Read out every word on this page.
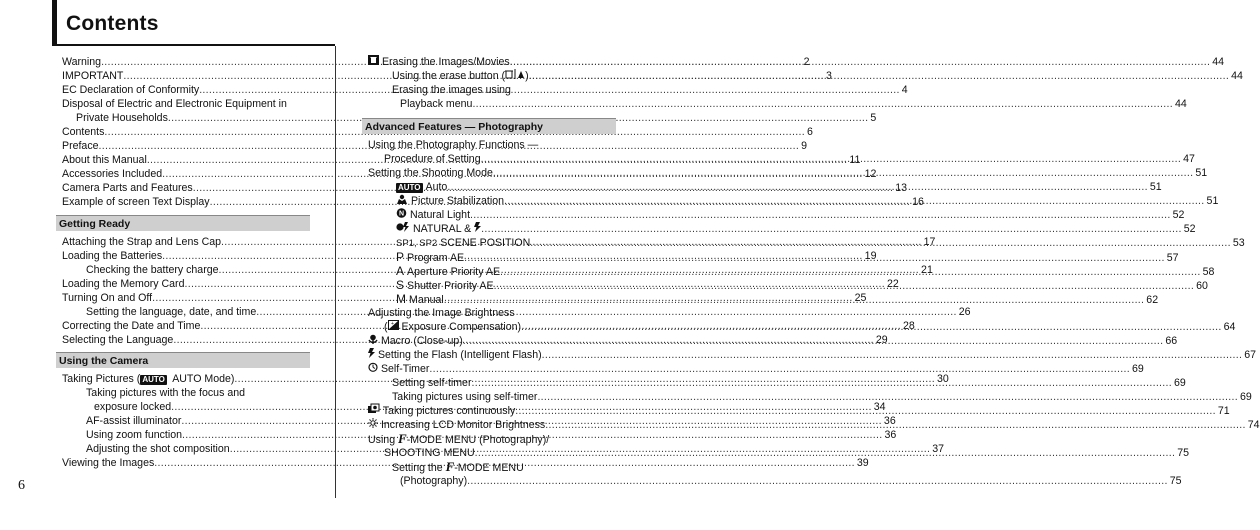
Contents
6
Warning .....	2
IMPORTANT .....	3
EC Declaration of Conformity .....	4
Disposal of Electric and Electronic Equipment in
Private Households .....	5
Contents .....	6
Preface .....	9
About this Manual .....	11
Accessories Included .....	12
Camera Parts and Features .....	13
Example of screen Text Display .....	16
Getting Ready
Attaching the Strap and Lens Cap .....	17
Loading the Batteries .....	19
Checking the battery charge .....	21
Loading the Memory Card .....	22
Turning On and Off .....	25
Setting the language, date, and time .....	26
Correcting the Date and Time .....	28
Selecting the Language .....	29
Using the Camera
Taking Pictures ( AUTO AUTO Mode) .....	30
Taking pictures with the focus and
exposure locked .....	34
AF-assist illuminator .....	36
Using zoom function .....	36
Adjusting the shot composition .....	37
Viewing the Images .....	39
Erasing the Images/Movies .....	44
Using the erase button ( ) .....	44
Erasing the images using
Playback menu .....	44
Advanced Features — Photography
Using the Photography Functions —
Procedure of Setting .....	47
Setting the Shooting Mode .....	51
AUTO Auto .....	51
Picture Stabilization .....	51
N Natural Light .....	52
NATURAL & .....	52
SP1, SP2 SCENE POSITION .....	53
P Program AE .....	57
A Aperture Priority AE .....	58
S Shutter Priority AE .....	60
M Manual .....	62
Adjusting the Image Brightness
( + Exposure Compensation) .....	64
Macro (Close-up) .....	66
Setting the Flash (Intelligent Flash) .....	67
Self-Timer .....	69
Setting self-timer .....	69
Taking pictures using self-timer .....	69
Taking pictures continuously .....	71
Increasing LCD Monitor Brightness .....	74
Using F-MODE MENU (Photography)/
SHOOTING MENU .....	75
Setting the F-MODE MENU
(Photography) .....	75
